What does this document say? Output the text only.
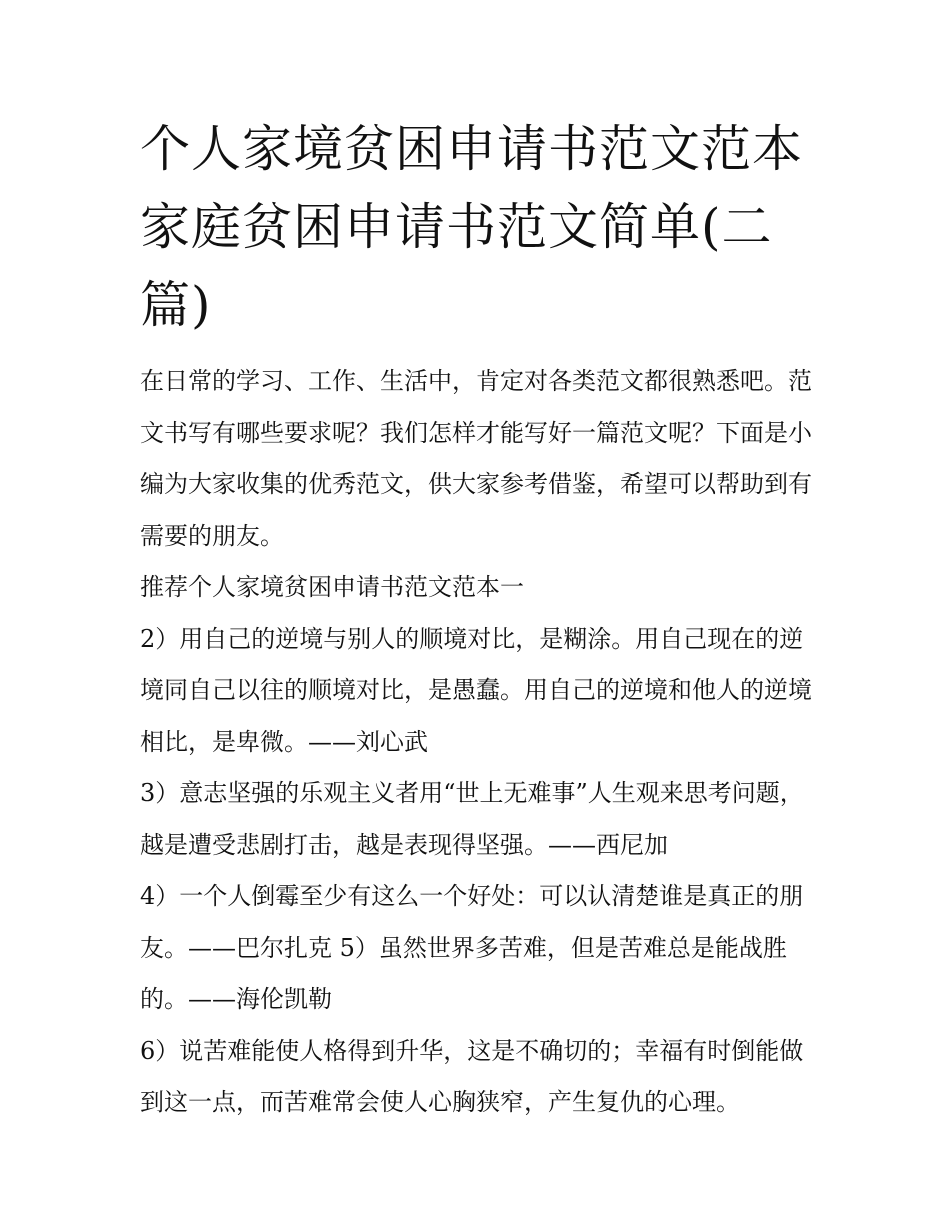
个人家境贫困申请书范文范本家庭贫困申请书范文简单(二篇)

在日常的学习、工作、生活中，肯定对各类范文都很熟悉吧。范文书写有哪些要求呢？我们怎样才能写好一篇范文呢？下面是小编为大家收集的优秀范文，供大家参考借鉴，希望可以帮助到有需要的朋友。

推荐个人家境贫困申请书范文范本一

2）用自己的逆境与别人的顺境对比，是糊涂。用自己现在的逆境同自己以往的顺境对比，是愚蠢。用自己的逆境和他人的逆境相比，是卑微。——刘心武

3）意志坚强的乐观主义者用“世上无难事”人生观来思考问题，越是遭受悲剧打击，越是表现得坚强。——西尼加

4）一个人倒霉至少有这么一个好处：可以认清楚谁是真正的朋友。——巴尔扎克 5）虽然世界多苦难，但是苦难总是能战胜的。——海伦凯勒

6）说苦难能使人格得到升华，这是不确切的；幸福有时倒能做到这一点，而苦难常会使人心胸狭窄，产生复仇的心理。
